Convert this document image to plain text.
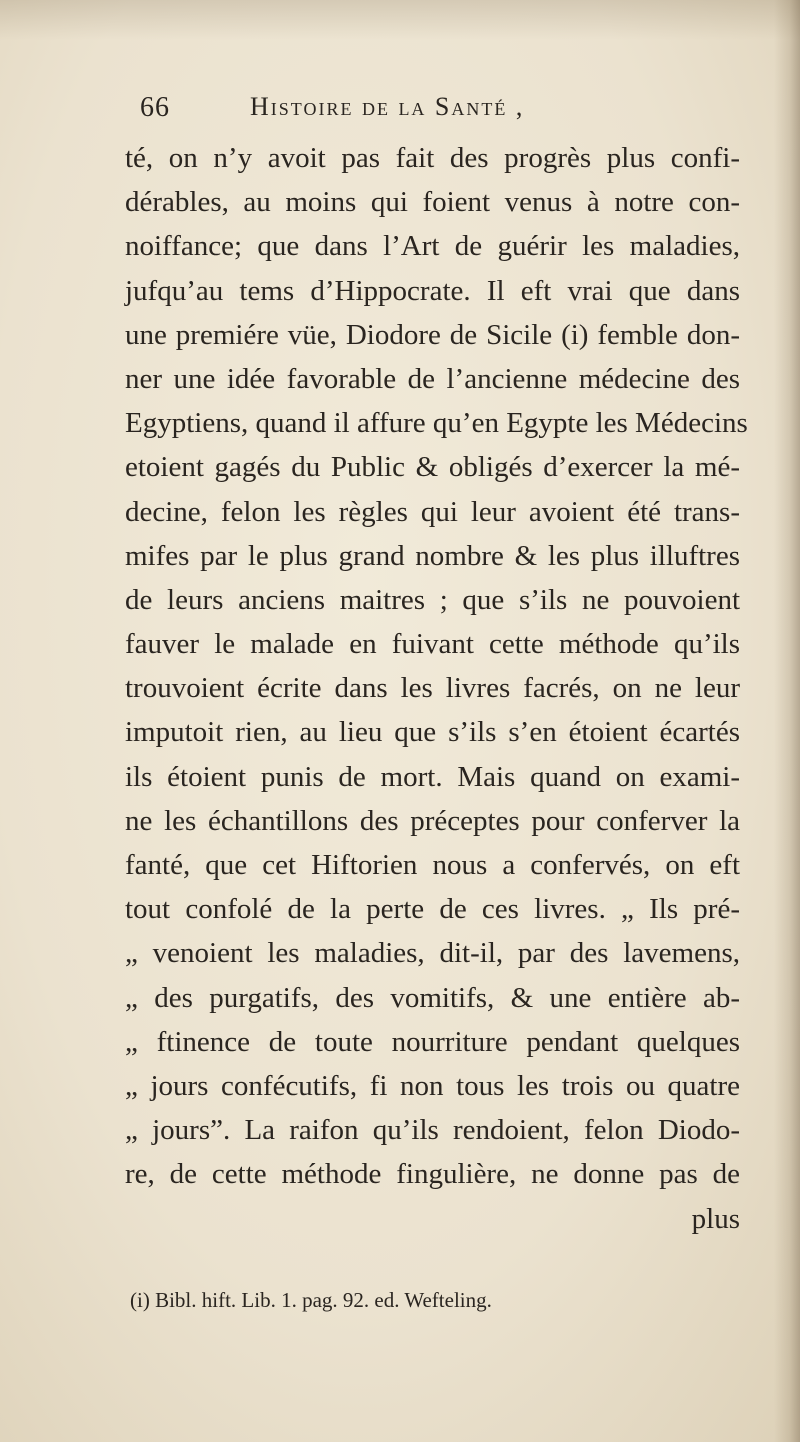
66	Histoire de la Santé ,
té, on n’y avoit pas fait des progrès plus confi-
dérables, au moins qui foient venus à notre con-
noiffance; que dans l’Art de guérir les maladies,
jufqu’au tems d’Hippocrate. Il eft vrai que dans
une premiére vüe, Diodore de Sicile (i) femble don-
ner une idée favorable de l’ancienne médecine des
Egyptiens, quand il affure qu’en Egypte les Médecins
etoient gagés du Public & obligés d’exercer la mé-
decine, felon les règles qui leur avoient été trans-
mifes par le plus grand nombre & les plus illuftres
de leurs anciens maitres ; que s’ils ne pouvoient
fauver le malade en fuivant cette méthode qu’ils
trouvoient écrite dans les livres facrés, on ne leur
imputoit rien, au lieu que s’ils s’en étoient écartés
ils étoient punis de mort. Mais quand on exami-
ne les échantillons des préceptes pour conferver la
fanté, que cet Hiftorien nous a confervés, on eft
tout confolé de la perte de ces livres. „ Ils pré-
„ venoient les maladies, dit-il, par des lavemens,
„ des purgatifs, des vomitifs, & une entière ab-
„ ftinence de toute nourriture pendant quelques
„ jours confécutifs, fi non tous les trois ou quatre
„ jours”. La raifon qu’ils rendoient, felon Diodo-
re, de cette méthode fingulière, ne donne pas de
plus
(i) Bibl. hift. Lib. 1. pag. 92. ed. Wefteling.
